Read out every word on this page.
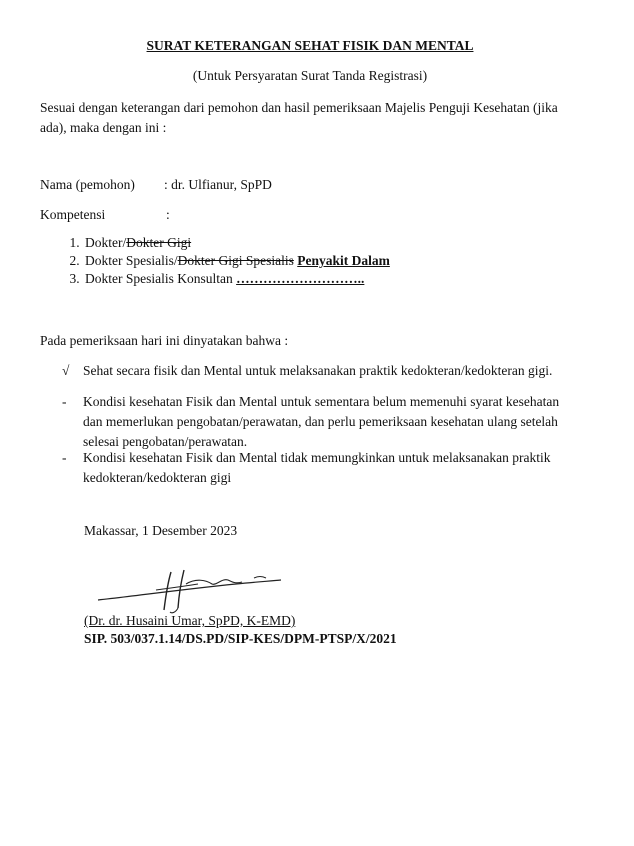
SURAT KETERANGAN SEHAT FISIK DAN MENTAL
(Untuk Persyaratan Surat Tanda Registrasi)
Sesuai dengan keterangan dari pemohon dan hasil pemeriksaan Majelis Penguji Kesehatan (jika ada), maka dengan ini :
Nama (pemohon) : dr. Ulfianur, SpPD
Kompetensi	:
1. Dokter/Dokter Gigi
2. Dokter Spesialis/Dokter Gigi Spesialis Penyakit Dalam
3. Dokter Spesialis Konsultan ………………………..
Pada pemeriksaan hari ini dinyatakan bahwa :
√ Sehat secara fisik dan Mental untuk melaksanakan praktik kedokteran/kedokteran gigi.
- Kondisi kesehatan Fisik dan Mental untuk sementara belum memenuhi syarat kesehatan dan memerlukan pengobatan/perawatan, dan perlu pemeriksaan kesehatan ulang setelah selesai pengobatan/perawatan.
- Kondisi kesehatan Fisik dan Mental tidak memungkinkan untuk melaksanakan praktik kedokteran/kedokteran gigi
Makassar, 1 Desember 2023
(Dr. dr. Husaini Umar, SpPD, K-EMD)
SIP. 503/037.1.14/DS.PD/SIP-KES/DPM-PTSP/X/2021
